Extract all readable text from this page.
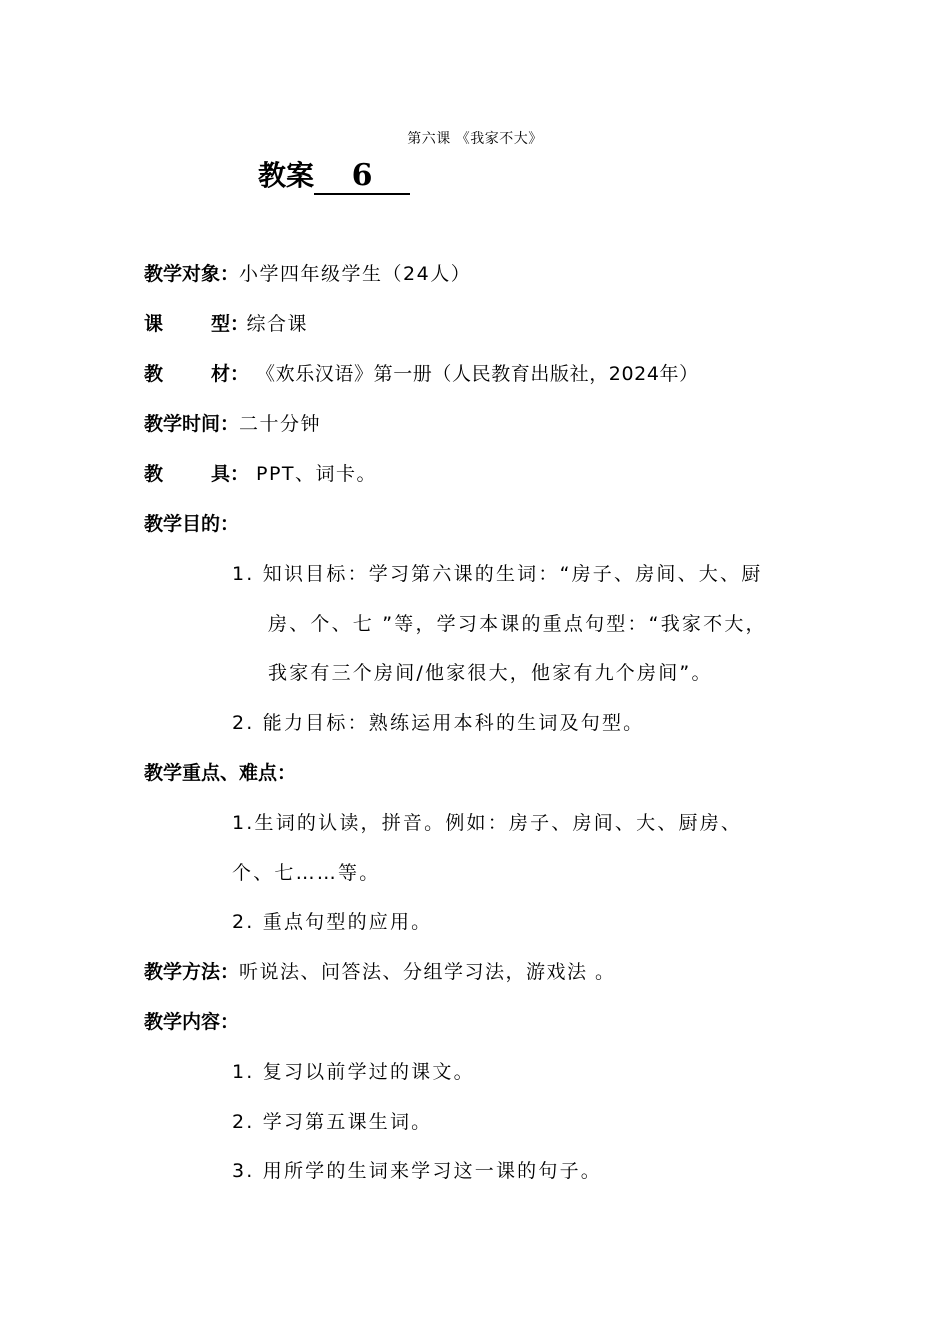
第六课 《我家不大》
教案 6
教学对象：小学四年级学生（24人）
课	型： 综合课
教	材： 《欢乐汉语》第一册（人民教育出版社，2024年）
教学时间：二十分钟
教	具： PPT、词卡。
教学目的：
1. 知识目标：学习第六课的生词：“房子、房间、大、厨
房、个、七 ”等，学习本课的重点句型：“我家不大，
我家有三个房间/他家很大，他家有九个房间”。
2. 能力目标：熟练运用本科的生词及句型。
教学重点、难点：
1.生词的认读，拼音。例如：房子、房间、大、厨房、
个、七……等。
2. 重点句型的应用。
教学方法：听说法、问答法、分组学习法，游戏法 。
教学内容：
1. 复习以前学过的课文。
2. 学习第五课生词。
3. 用所学的生词来学习这一课的句子。
